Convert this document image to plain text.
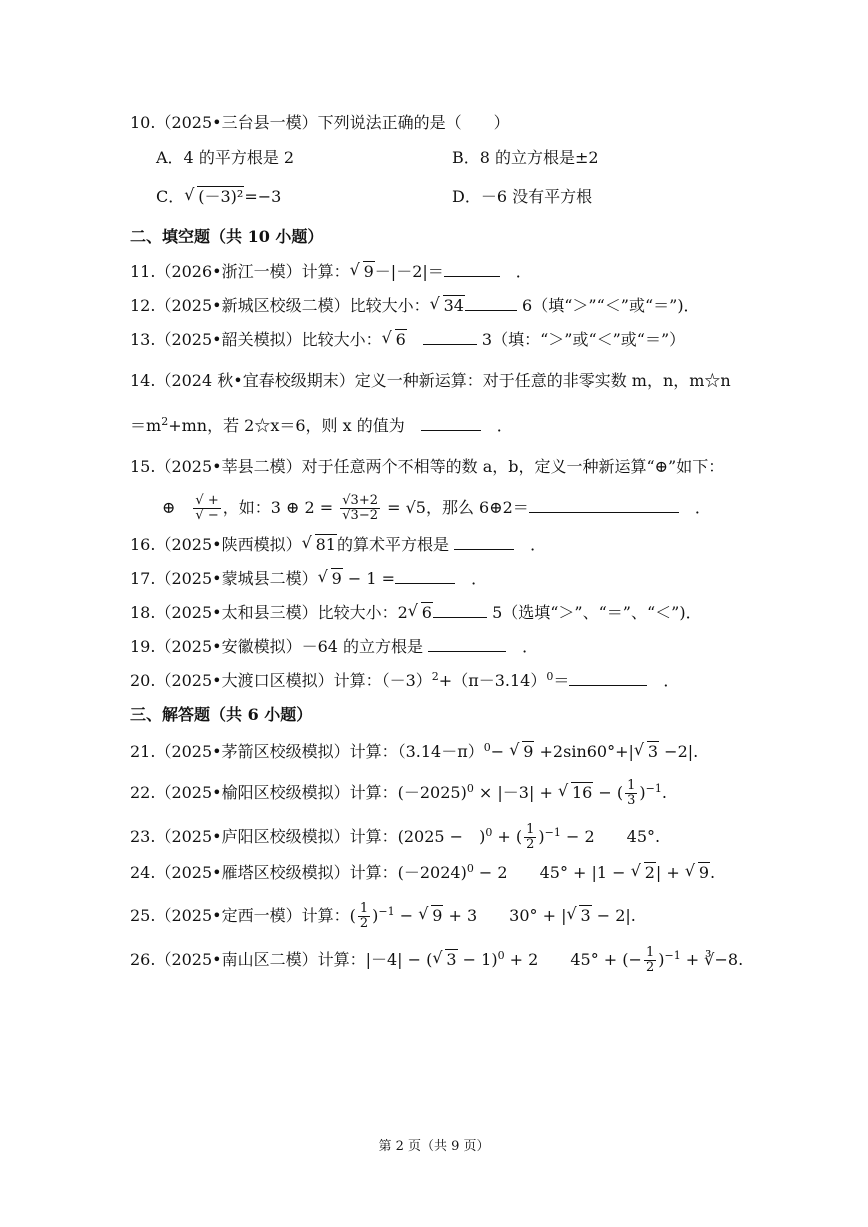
10.（2025•三台县一模）下列说法正确的是（　　）
A．4 的平方根是 2	B．8 的立方根是±2
C． √ (－3)²=−3	D．－6 没有平方根
二、填空题（共 10 小题）
11.（2026•浙江一模）计算： √ 9－|－2|＝　	．
12.（2025•新城区校级二模）比较大小： √ 34	6（填“＞”“＜”或“＝”)．
13.（2025•韶关模拟）比较大小： √ 6　	3（填：“＞”或“＜”或“＝”）
14.（2024 秋•宜春校级期末）定义一种新运算：对于任意的非零实数 m，n，m☆n
$=m^2+mn$，若 2☆x＝6，则 x 的值为　　	．
15.（2025•莘县二模）对于任意两个不相等的数 a，b，定义一种新运算“⊕”如下：
⊕　 $\frac{√ +}{√ -}$ ，如：3 ⊕ $2 = \frac{√3+2}{√3-2} = √5$，那么 6⊕2＝　	．
16.（2025•陕西模拟） √ 81的算术平方根是 　	．
17.（2025•蒙城县二模） √ 9 − 1 =　	．
18.（2025•太和县三模）比较大小：2 √ 6	5（选填“＞”、“＝”、“＜”)．
19.（2025•安徽模拟）－64 的立方根是 　	．
20.（2025•大渡口区模拟）计算：$(-3)^2+(\pi-3.14)^0=$　	．
三、解答题（共 6 小题）
21.（2025•茅箭区校级模拟）计算：$(3.14-\pi)^0-$ √ 9 +2sin60°+| √ 3 −2|.
22.（2025•榆阳区校级模拟）计算：$(-2025)^0 \times |-3|$ + √ 16 − ( $\frac{1}{3} )^{-1}$.
23.（2025•庐阳区校级模拟）计算：(2025 −　)$^0$ + ( $\frac{1}{2} )^{-1} - 2$　　45°.
24.（2025•雁塔区校级模拟）计算：$(-2024)^0 - 2$　　45° + |1 − √ 2| + √ 9.
25.（2025•定西一模）计算：( $\frac{1}{2} )^{-1}$ − √ 9 + 3　　30° + | √ 3 − 2|.
26.（2025•南山区二模）计算：|－4| − ( √ 3 − 1)$^0$ + 2　　45° + (− $\frac{1}{2} )^{-1}$ + ∛−8.
第 2 页（共 9 页）
